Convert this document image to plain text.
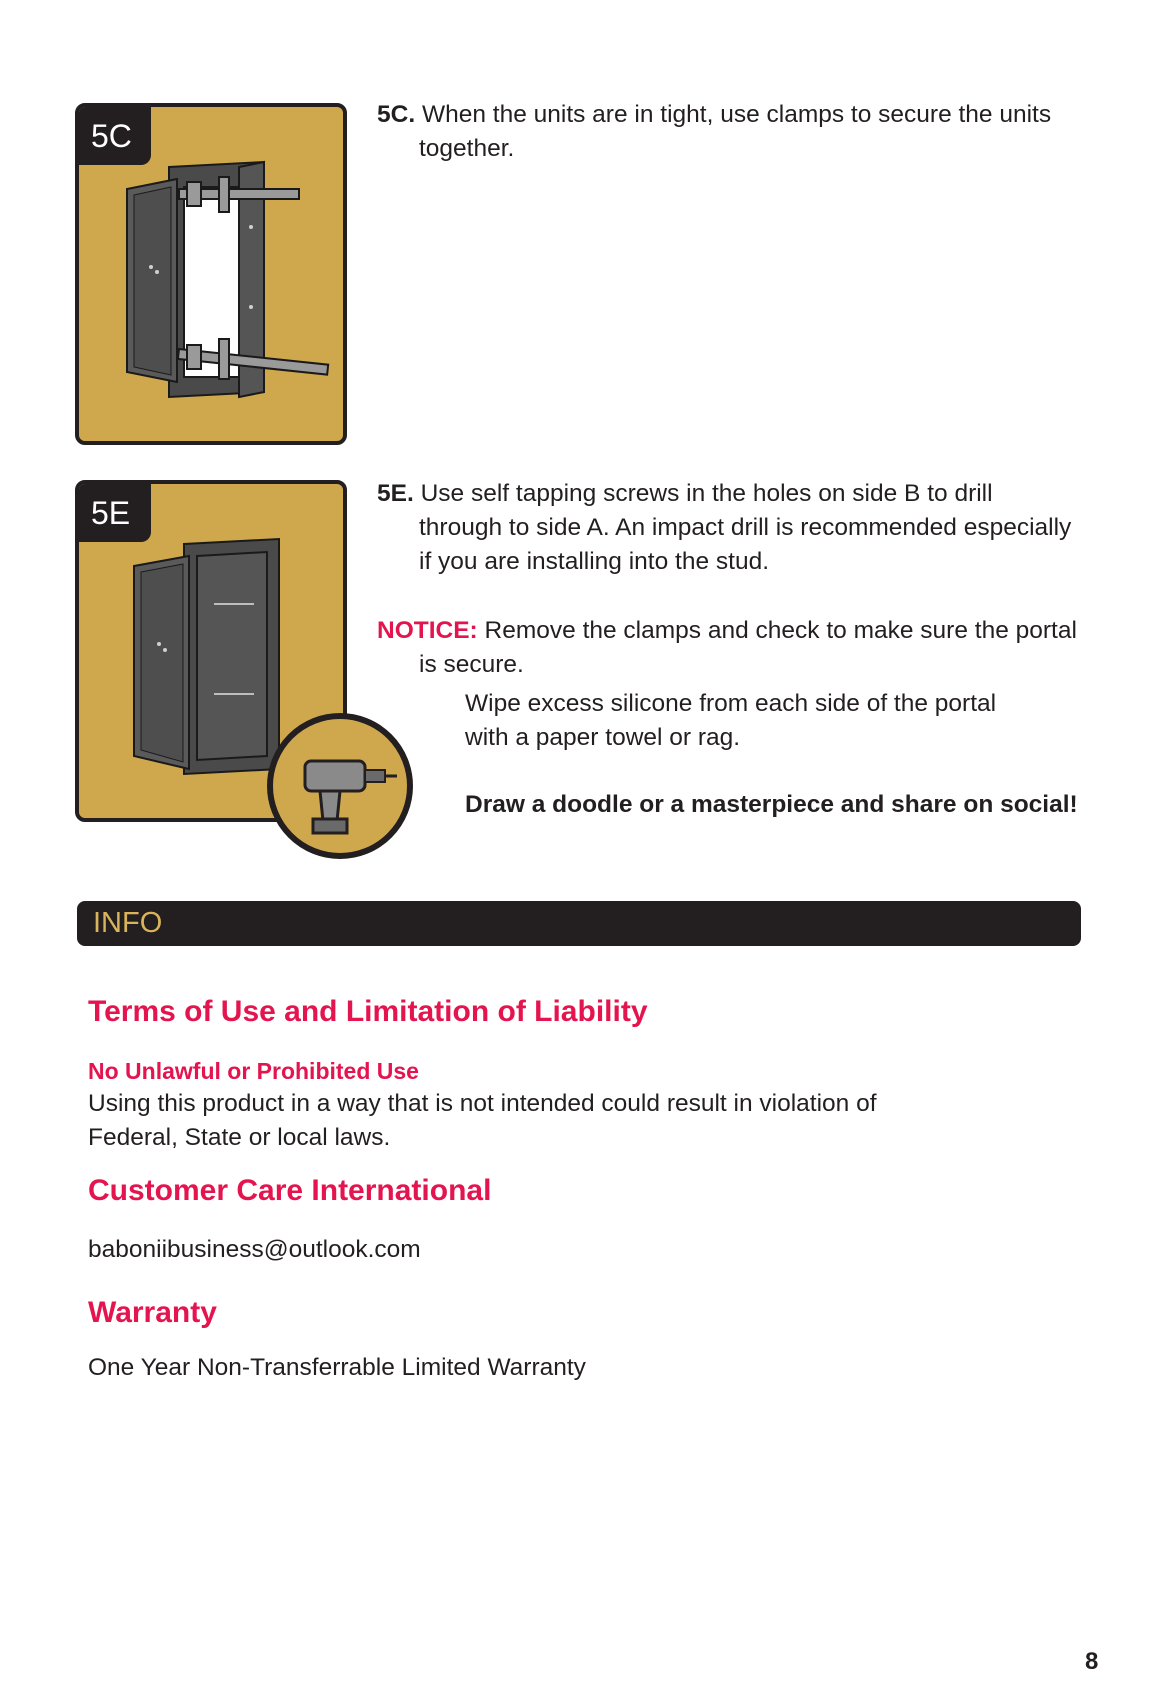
5C

5C. When the units are in tight, use clamps to secure the units together.

5E

5E. Use self tapping screws in the holes on side B to drill through to side A. An impact drill is recommended especially if you are installing into the stud.

NOTICE: Remove the clamps and check to make sure the portal is secure.

Wipe excess silicone from each side of the portal with a paper towel or rag.

Draw a doodle or a masterpiece and share on social!

INFO
Terms of Use and Limitation of Liability
No Unlawful or Prohibited Use

Using this product in a way that is not intended could result in violation of Federal, State or local laws.

Customer Care International

baboniibusiness@outlook.com

Warranty

One Year Non-Transferrable Limited Warranty

8
